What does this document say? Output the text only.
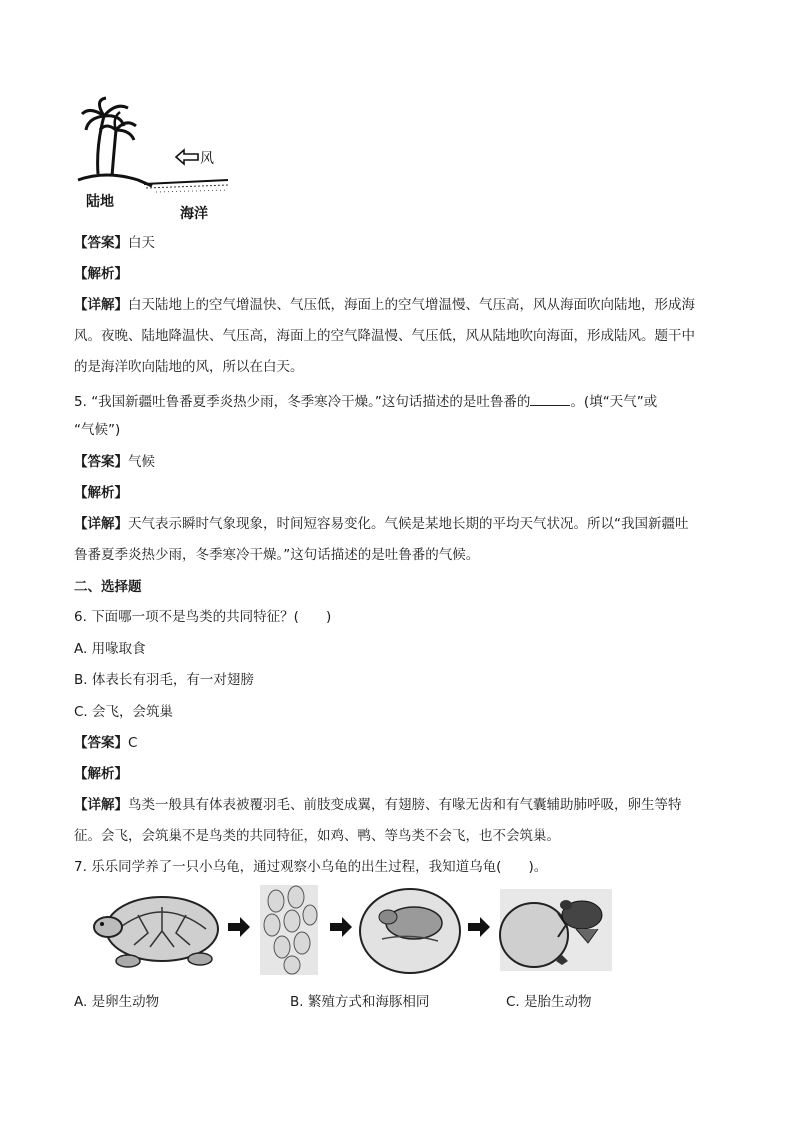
风
陆地
海洋
【答案】白天
【解析】
【详解】白天陆地上的空气增温快、气压低，海面上的空气增温慢、气压高，风从海面吹向陆地，形成海
风。夜晚、陆地降温快、气压高，海面上的空气降温慢、气压低，风从陆地吹向海面，形成陆风。题干中
的是海洋吹向陆地的风，所以在白天。
5. “我国新疆吐鲁番夏季炎热少雨，冬季寒冷干燥。”这句话描述的是吐鲁番的	。(填“天气”或
“气候”)
【答案】气候
【解析】
【详解】天气表示瞬时气象现象，时间短容易变化。气候是某地长期的平均天气状况。所以“我国新疆吐
鲁番夏季炎热少雨，冬季寒冷干燥。”这句话描述的是吐鲁番的气候。
二、选择题
6. 下面哪一项不是鸟类的共同特征？(　　)
A. 用喙取食
B. 体表长有羽毛，有一对翅膀
C. 会飞，会筑巢
【答案】C
【解析】
【详解】鸟类一般具有体表被覆羽毛、前肢变成翼，有翅膀、有喙无齿和有气囊辅助肺呼吸，卵生等特
征。会飞，会筑巢不是鸟类的共同特征，如鸡、鸭、等鸟类不会飞，也不会筑巢。
7. 乐乐同学养了一只小乌龟，通过观察小乌龟的出生过程，我知道乌龟(　　)。
A. 是卵生动物	B. 繁殖方式和海豚相同	C. 是胎生动物
